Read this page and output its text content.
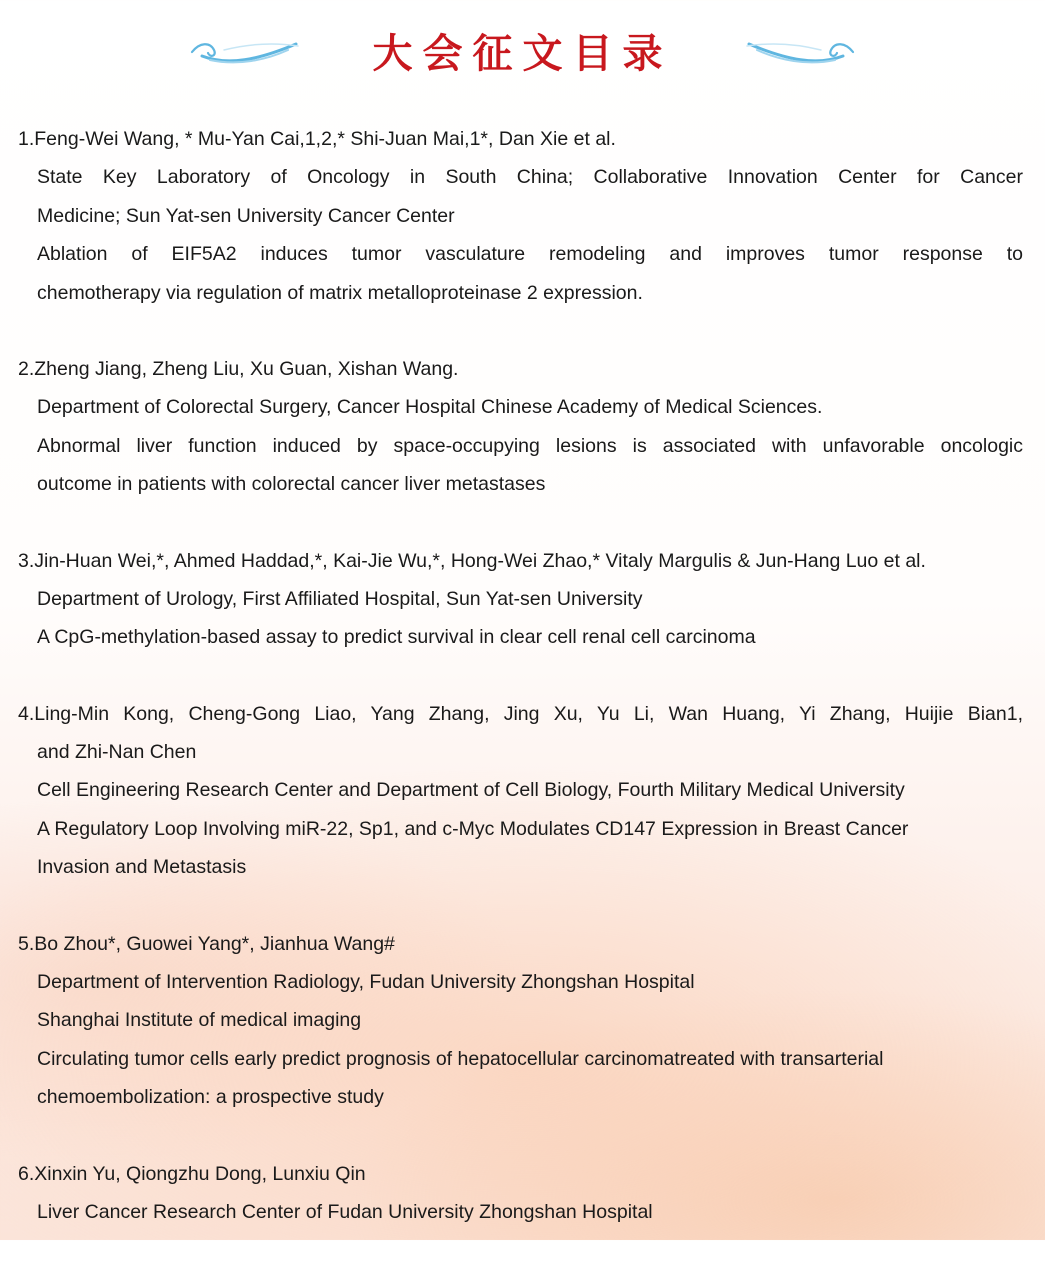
大会征文目录
1.Feng-Wei Wang, * Mu-Yan Cai,1,2,* Shi-Juan Mai,1*, Dan Xie et al.
State Key Laboratory of Oncology in South China; Collaborative Innovation Center for Cancer
Medicine; Sun Yat-sen University Cancer Center
Ablation of EIF5A2 induces tumor vasculature remodeling and improves tumor response to
chemotherapy via regulation of matrix metalloproteinase 2 expression.
2.Zheng Jiang, Zheng Liu, Xu Guan, Xishan Wang.
Department of Colorectal Surgery, Cancer Hospital Chinese Academy of Medical Sciences.
Abnormal liver function induced by space-occupying lesions is associated with unfavorable oncologic
outcome in patients with colorectal cancer liver metastases
3.Jin-Huan Wei,*, Ahmed Haddad,*, Kai-Jie Wu,*, Hong-Wei Zhao,* Vitaly Margulis & Jun-Hang Luo et al.
Department of Urology, First Affiliated Hospital, Sun Yat-sen University
A CpG-methylation-based assay to predict survival in clear cell renal cell carcinoma
4.Ling-Min Kong, Cheng-Gong Liao, Yang Zhang, Jing Xu, Yu Li, Wan Huang, Yi Zhang, Huijie Bian1,
and Zhi-Nan Chen
Cell Engineering Research Center and Department of Cell Biology, Fourth Military Medical University
A Regulatory Loop Involving miR-22, Sp1, and c-Myc Modulates CD147 Expression in Breast Cancer
Invasion and Metastasis
5.Bo Zhou*, Guowei Yang*, Jianhua Wang#
Department of Intervention Radiology, Fudan University Zhongshan Hospital
Shanghai Institute of medical imaging
Circulating tumor cells early predict prognosis of hepatocellular carcinomatreated with transarterial
chemoembolization: a prospective study
6.Xinxin Yu, Qiongzhu Dong, Lunxiu Qin
Liver Cancer Research Center of Fudan University Zhongshan Hospital
